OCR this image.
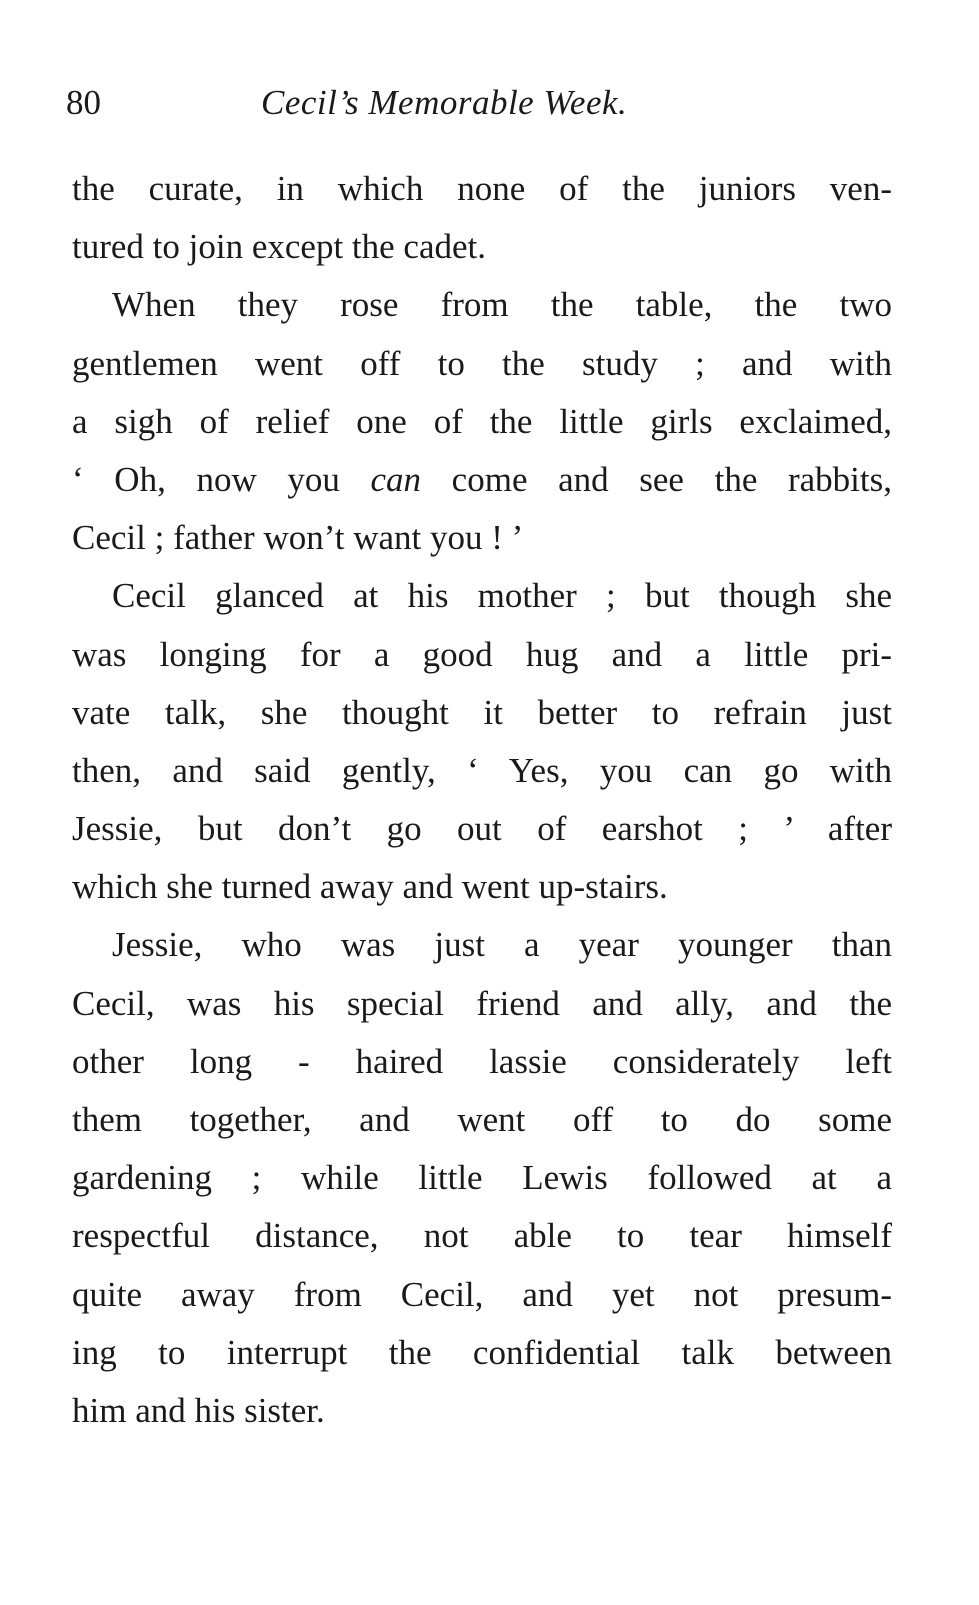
80	Cecil’s Memorable Week.
the curate, in which none of the juniors ven-
tured to join except the cadet.
When they rose from the table, the two
gentlemen went off to the study ; and with
a sigh of relief one of the little girls exclaimed,
‘ Oh, now you can come and see the rabbits,
Cecil ; father won’t want you ! ’
Cecil glanced at his mother ; but though she
was longing for a good hug and a little pri-
vate talk, she thought it better to refrain just
then, and said gently, ‘ Yes, you can go with
Jessie, but don’t go out of earshot ; ’ after
which she turned away and went up-stairs.
Jessie, who was just a year younger than
Cecil, was his special friend and ally, and the
other long - haired lassie considerately left
them together, and went off to do some
gardening ; while little Lewis followed at a
respectful distance, not able to tear himself
quite away from Cecil, and yet not presum-
ing to interrupt the confidential talk between
him and his sister.
